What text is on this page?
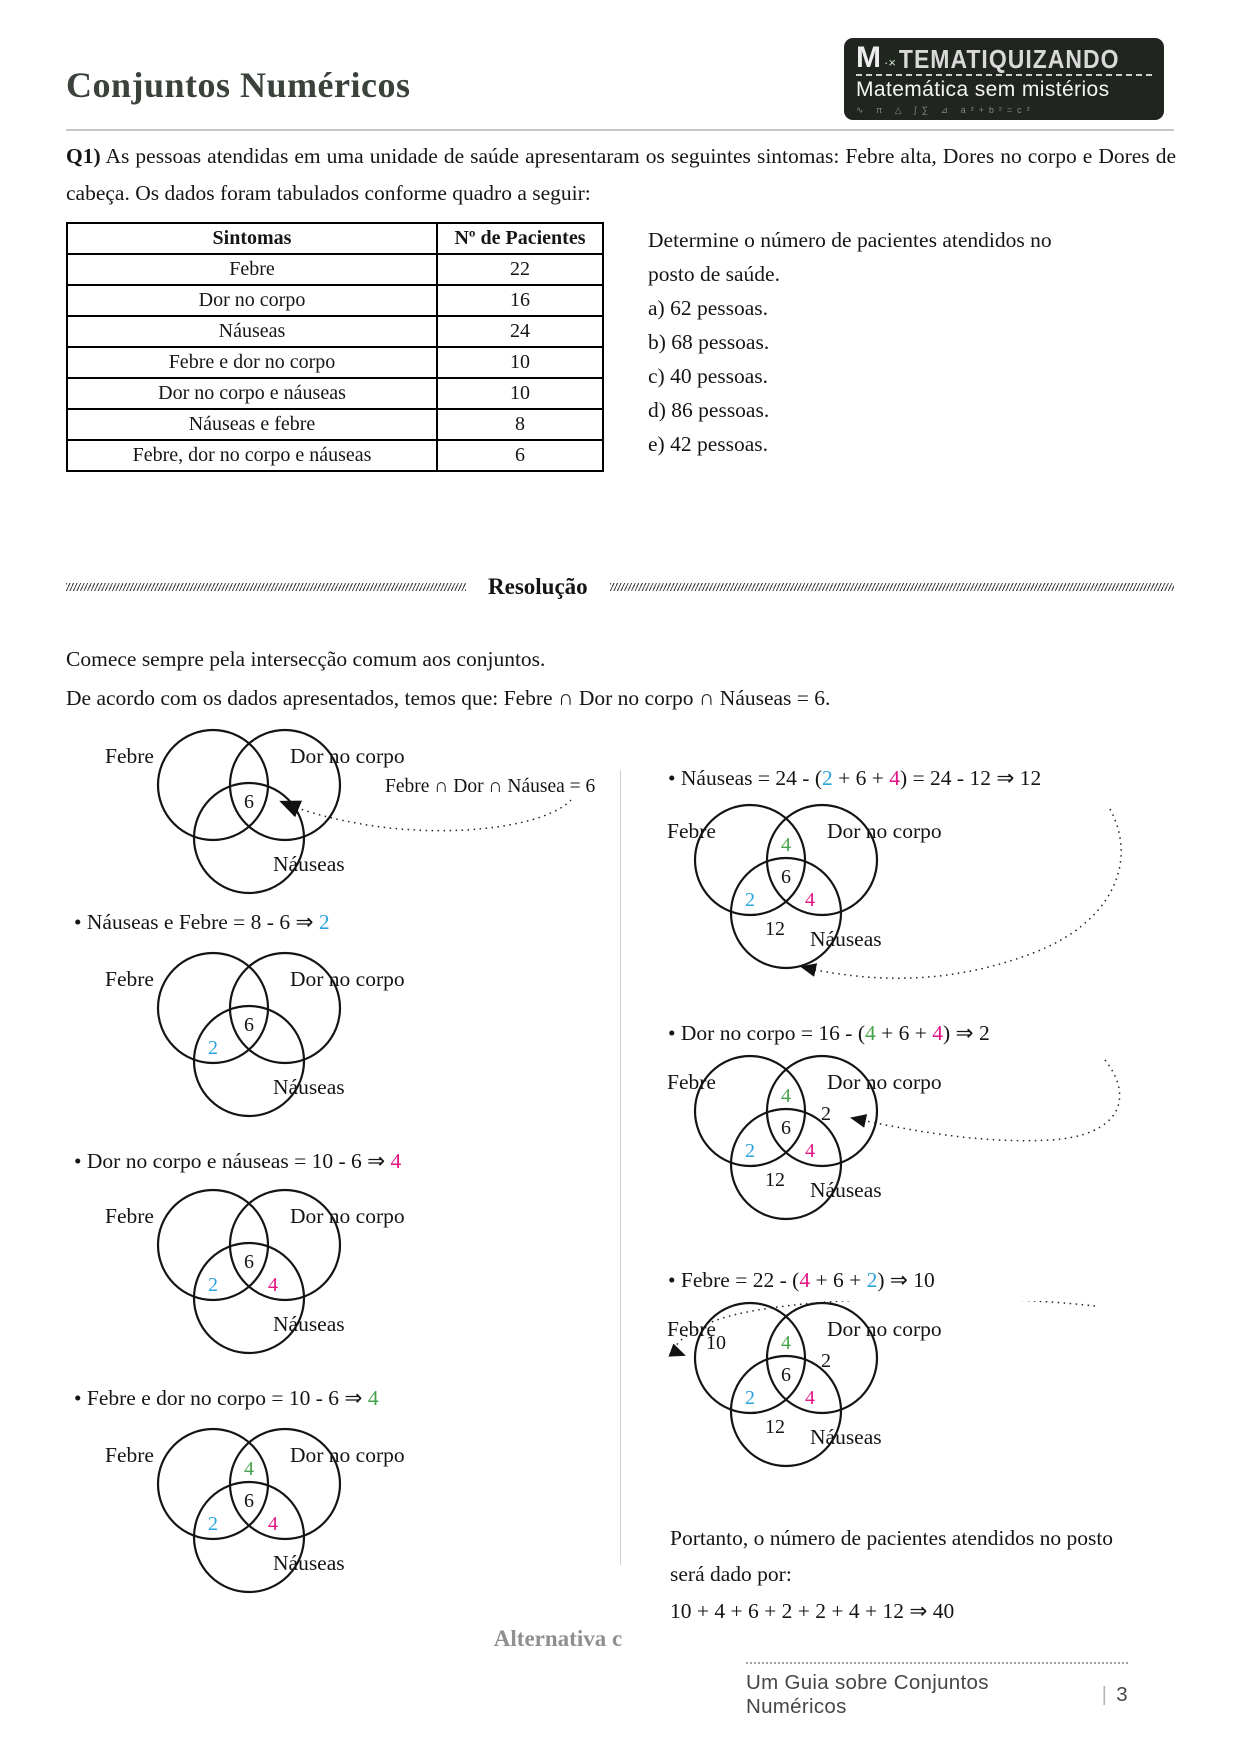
Conjuntos Numéricos
M ·× TEMATIQUIZANDO
Matemática sem mistérios
∿ π △ ∫∑ ⊿ a²+b²=c²
Q1) As pessoas atendidas em uma unidade de saúde apresentaram os seguintes sintomas: Febre alta, Dores no corpo e Dores de cabeça. Os dados foram tabulados conforme quadro a seguir:
Sintomas	Nº de Pacientes
Febre	22
Dor no corpo	16
Náuseas	24
Febre e dor no corpo	10
Dor no corpo e náuseas	10
Náuseas e febre	8
Febre, dor no corpo e náuseas	6
Determine o número de pacientes atendidos no posto de saúde.
a) 62 pessoas.
b) 68 pessoas.
c) 40 pessoas.
d) 86 pessoas.
e) 42 pessoas.
Resolução
Comece sempre pela intersecção comum aos conjuntos.
De acordo com os dados apresentados, temos que: Febre ∩ Dor no corpo ∩ Náuseas = 6.
Febre	Dor no corpo
Náuseas
6
Febre ∩ Dor ∩ Náusea = 6
• Náuseas e Febre = 8 - 6 ⇒ 2
Febre	Dor no corpo
Náuseas
6
2
• Dor no corpo e náuseas = 10 - 6 ⇒ 4
Febre	Dor no corpo
Náuseas
6
2	4
• Febre e dor no corpo = 10 - 6 ⇒ 4
Febre	Dor no corpo
Náuseas
4
6
2	4
• Náuseas = 24 - (2 + 6 + 4) = 24 - 12 ⇒ 12
Febre	Dor no corpo
Náuseas
4
6
2	4
12
• Dor no corpo = 16 - (4 + 6 + 4) ⇒ 2
Febre	Dor no corpo
Náuseas
4
6
2	4
12
2
• Febre = 22 - (4 + 6 + 2) ⇒ 10
Febre	Dor no corpo
Náuseas
10	4
2
6
2	4
12
Portanto, o número de pacientes atendidos no posto será dado por:
10 + 4 + 6 + 2 + 2 + 4 + 12 ⇒ 40
Alternativa c
Um Guia sobre Conjuntos Numéricos
| 3
